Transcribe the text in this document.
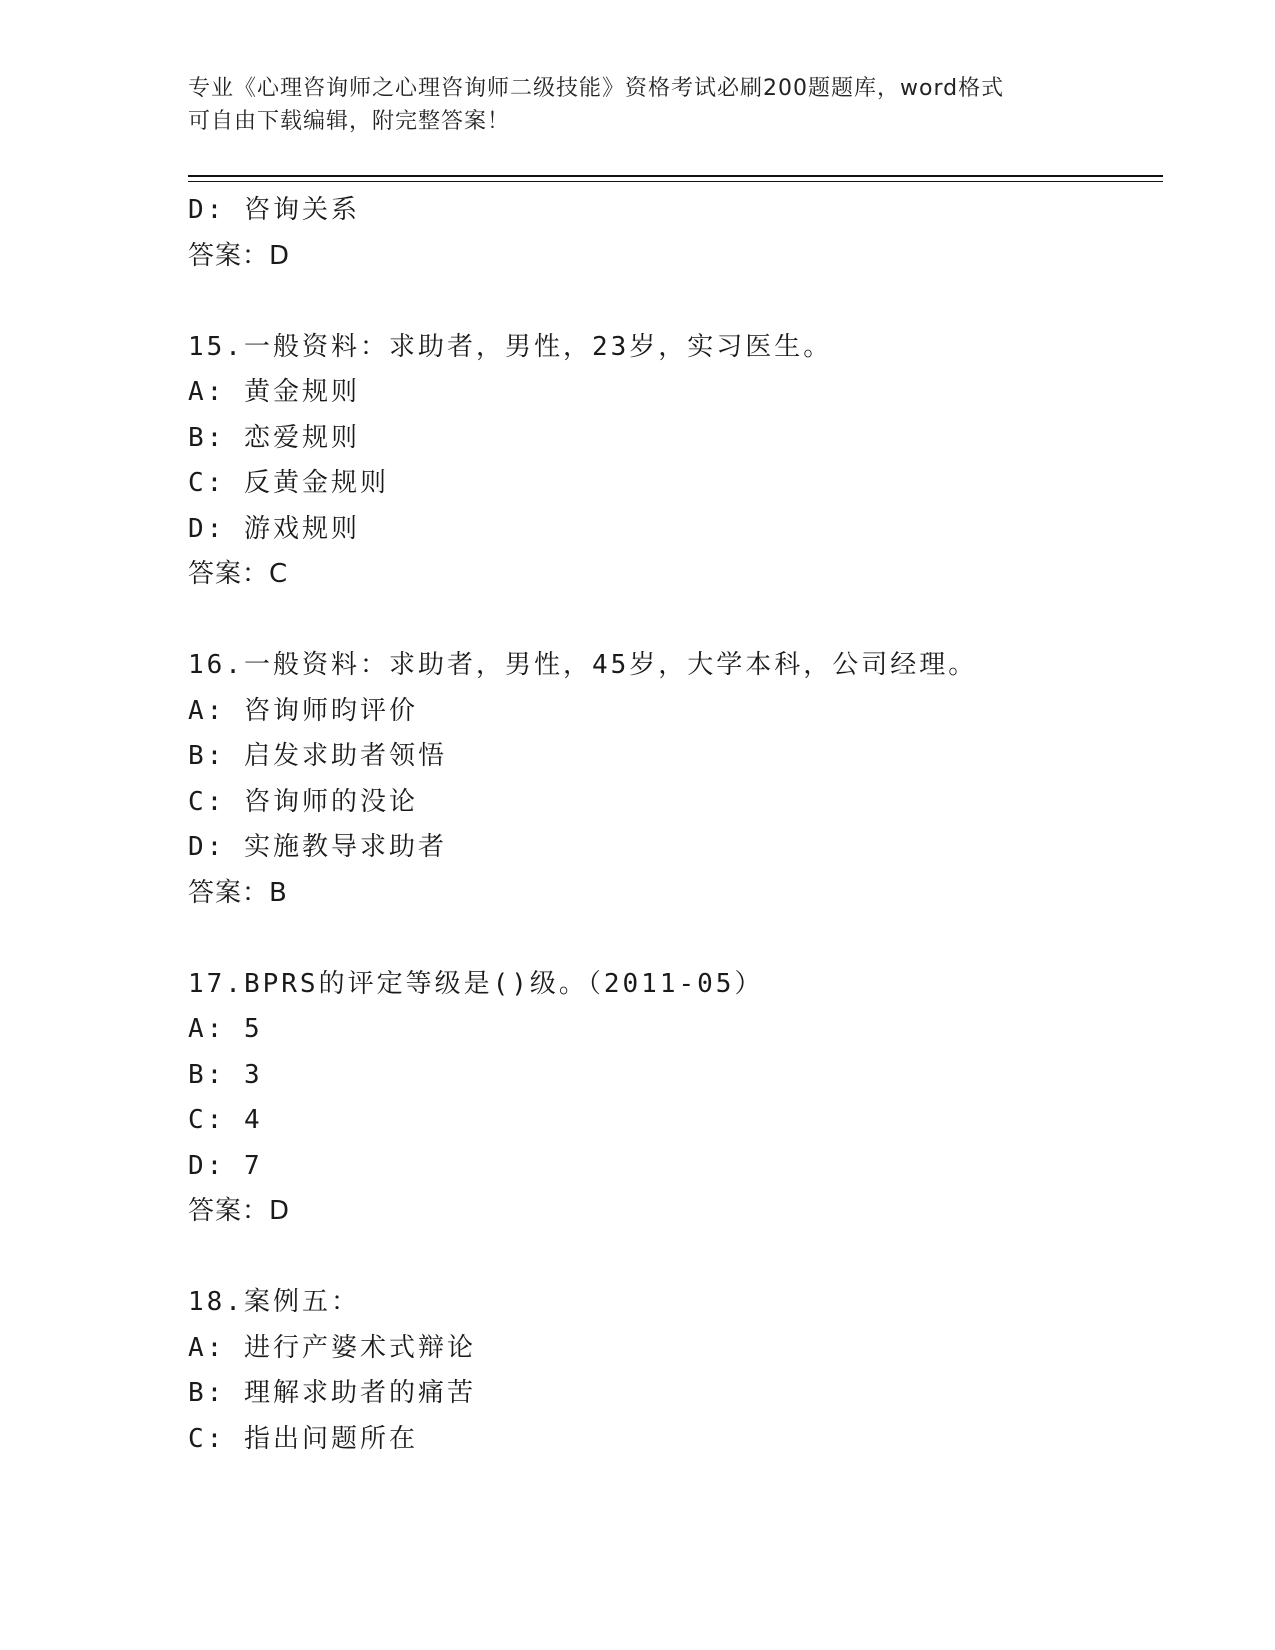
专业《心理咨询师之心理咨询师二级技能》资格考试必刷200题题库，word格式
可自由下载编辑，附完整答案！
D: 咨询关系
答案：D
15.一般资料：求助者，男性，23岁，实习医生。
A: 黄金规则
B: 恋爱规则
C: 反黄金规则
D: 游戏规则
答案：C
16.一般资料：求助者，男性，45岁，大学本科，公司经理。
A: 咨询师昀评价
B: 启发求助者领悟
C: 咨询师的没论
D: 实施教导求助者
答案：B
17.BPRS的评定等级是()级。（2011-05）
A: 5
B: 3
C: 4
D: 7
答案：D
18.案例五：
A: 进行产婆术式辩论
B: 理解求助者的痛苦
C: 指出问题所在
